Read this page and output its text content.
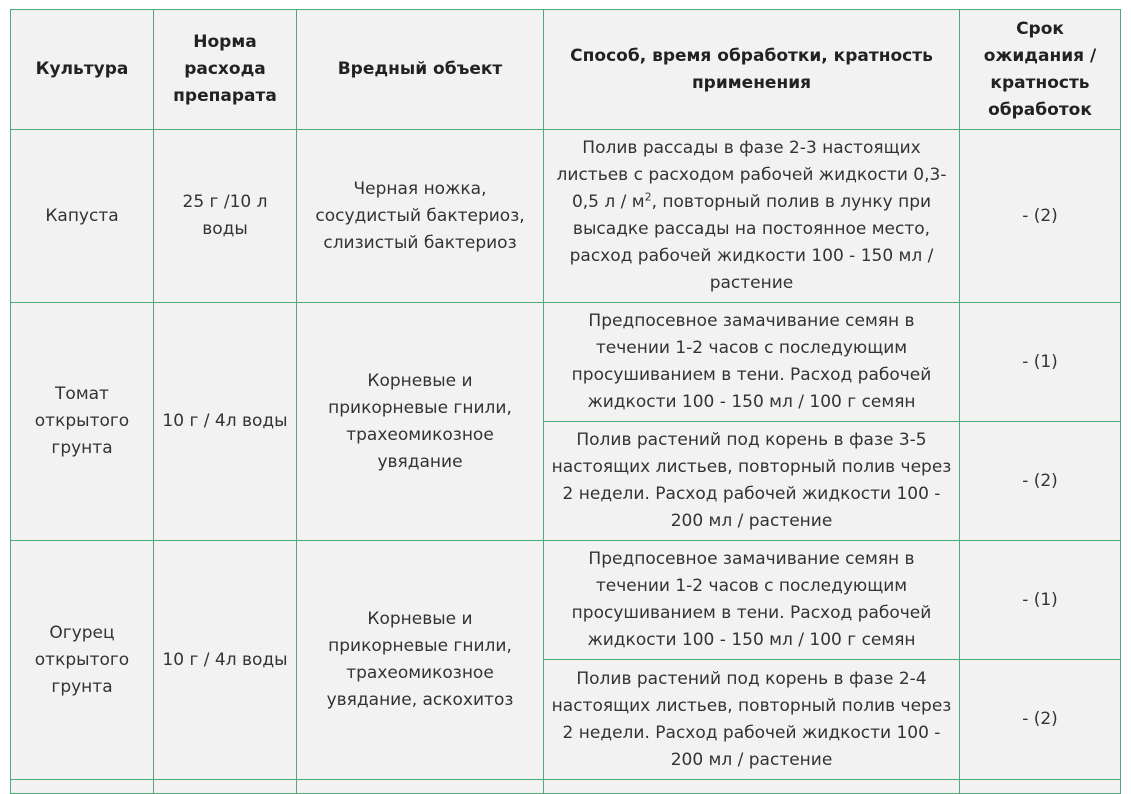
Культура	Норма расхода препарата	Вредный объект	Способ, время обработки, кратность применения	Срок ожидания / кратность обработок
Капуста	25 г /10 л воды	Черная ножка, сосудистый бактериоз, слизистый бактериоз	Полив рассады в фазе 2-3 настоящих листьев с расходом рабочей жидкости 0,3-0,5 л / $м^2$, повторный полив в лунку при высадке рассады на постоянное место, расход рабочей жидкости 100 - 150 мл / растение	- (2)
Томат открытого грунта	10 г / 4л воды	Корневые и прикорневые гнили, трахеомикозное увядание	Предпосевное замачивание семян в течении 1-2 часов с последующим просушиванием в тени. Расход рабочей жидкости 100 - 150 мл / 100 г семян	- (1)
			Полив растений под корень в фазе 3-5 настоящих листьев, повторный полив через 2 недели. Расход рабочей жидкости 100 - 200 мл / растение	- (2)
Огурец открытого грунта	10 г / 4л воды	Корневые и прикорневые гнили, трахеомикозное увядание, аскохитоз	Предпосевное замачивание семян в течении 1-2 часов с последующим просушиванием в тени. Расход рабочей жидкости 100 - 150 мл / 100 г семян	- (1)
			Полив растений под корень в фазе 2-4 настоящих листьев, повторный полив через 2 недели. Расход рабочей жидкости 100 - 200 мл / растение	- (2)
